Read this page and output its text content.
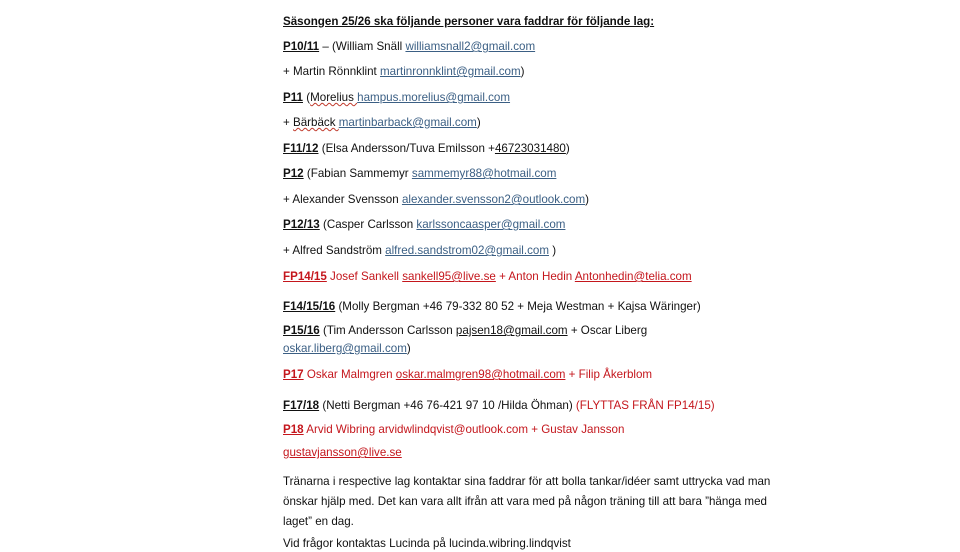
Säsongen 25/26 ska följande personer vara faddrar för följande lag:
P10/11 – (William Snäll williamsnall2@gmail.com
+ Martin Rönnklint martinronnklint@gmail.com)
P11 (Morelius hampus.morelius@gmail.com
+ Bärbäck martinbarback@gmail.com)
F11/12 (Elsa Andersson/Tuva Emilsson +46723031480)
P12 (Fabian Sammemyr sammemyr88@hotmail.com
+ Alexander Svensson alexander.svensson2@outlook.com)
P12/13 (Casper Carlsson karlssoncaasper@gmail.com
+ Alfred Sandström alfred.sandstrom02@gmail.com )
FP14/15 Josef Sankell sankell95@live.se + Anton Hedin Antonhedin@telia.com
F14/15/16 (Molly Bergman +46 79-332 80 52 + Meja Westman + Kajsa Wäringer)
P15/16 (Tim Andersson Carlsson pajsen18@gmail.com + Oscar Liberg
oskar.liberg@gmail.com)
P17 Oskar Malmgren oskar.malmgren98@hotmail.com + Filip Åkerblom
F17/18 (Netti Bergman +46 76-421 97 10 /Hilda Öhman) (FLYTTAS FRÅN FP14/15)
P18 Arvid Wibring arvidwlindqvist@outlook.com + Gustav Jansson
gustavjansson@live.se
Tränarna i respective lag kontaktar sina faddrar för att bolla tankar/idéer samt uttrycka vad man önskar hjälp med. Det kan vara allt ifrån att vara med på någon träning till att bara ”hänga med laget” en dag.
Vid frågor kontaktas Lucinda på lucinda.wibring.lindqvist
